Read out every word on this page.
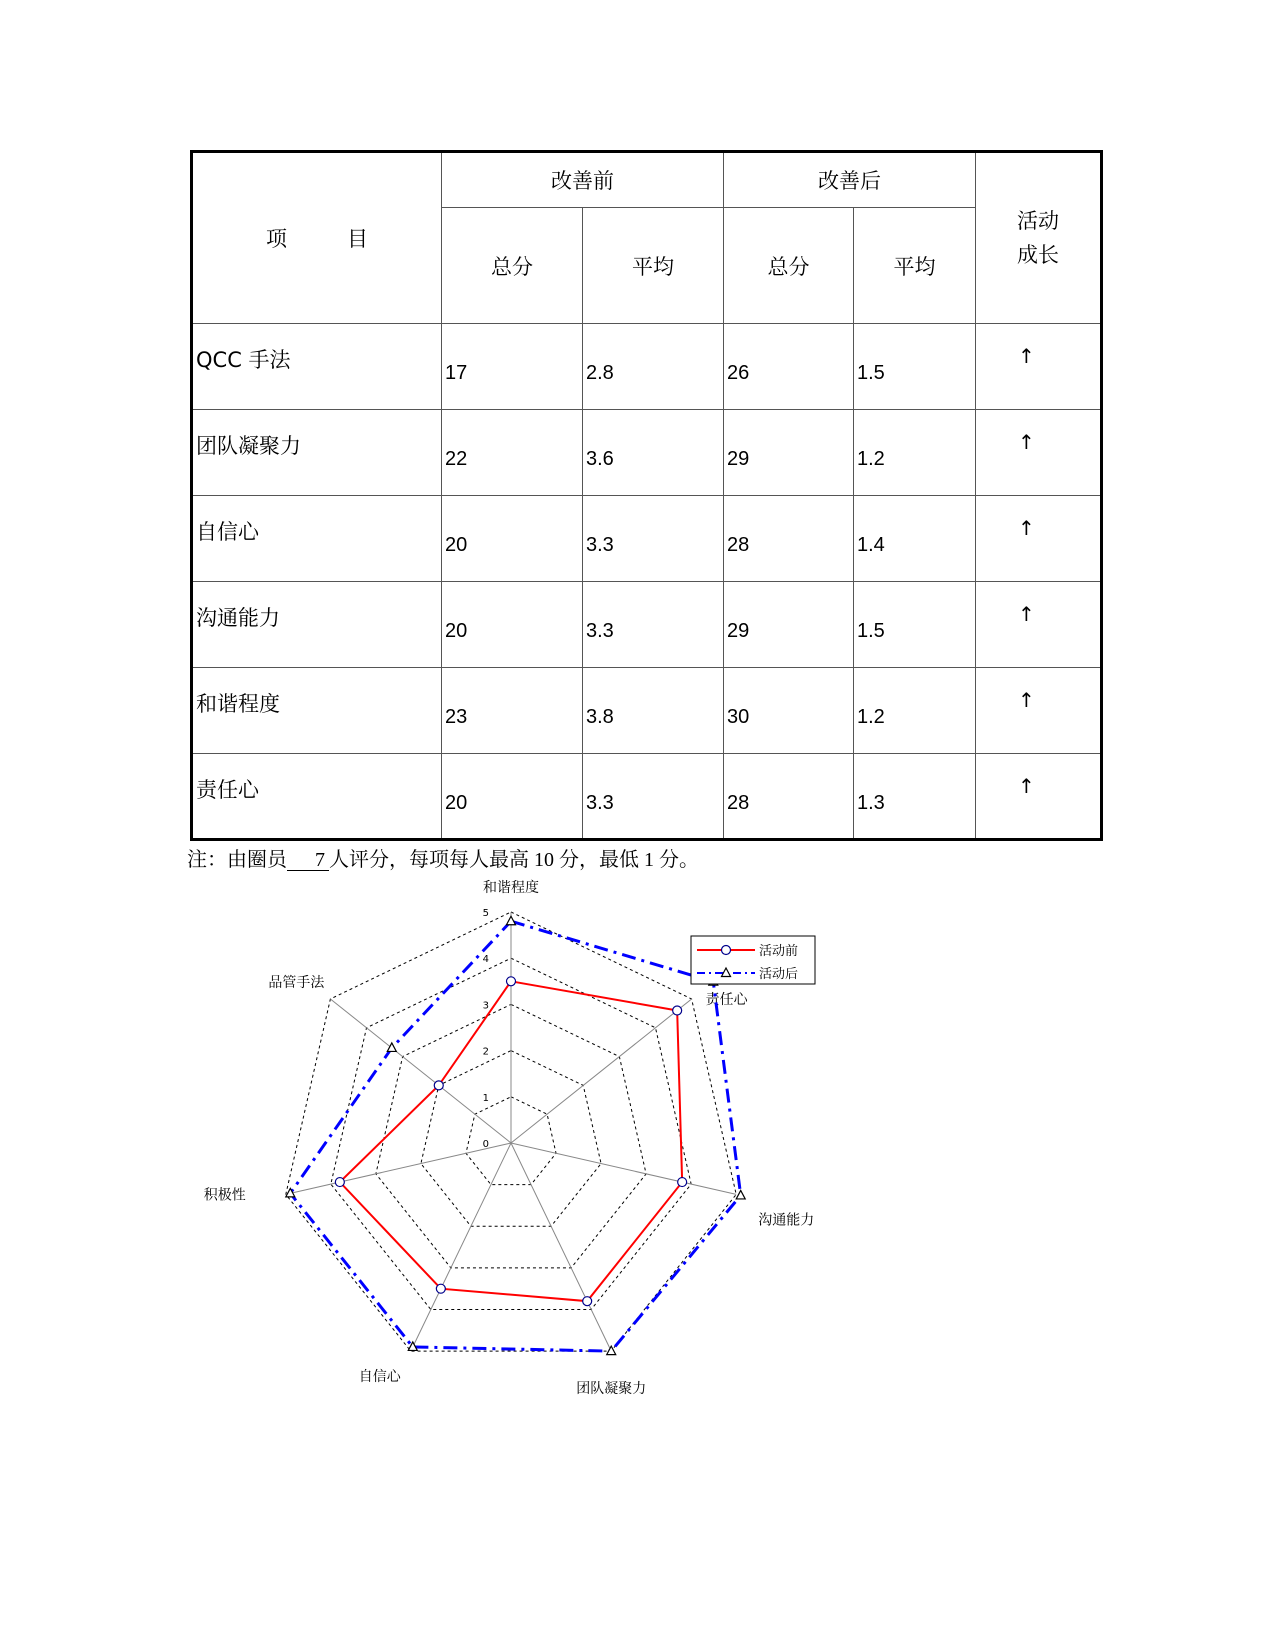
项 目	改善前		改善后		活动
成长

	总分	平均	总分	平均	
QCC 手法	17	2.8	26	1.5	↑
团队凝聚力	22	3.6	29	1.2	↑
自信心	20	3.3	28	1.4	↑
沟通能力	20	3.3	29	1.5	↑
和谐程度	23	3.8	30	1.2	↑
责任心	20	3.3	28	1.3	↑
注：由圈员 7 人评分，每项每人最高 10 分，最低 1 分。
0
1
2
3
4
5
和谐程度
责任心
沟通能力
团队凝聚力
自信心
积极性
品管手法
活动前
活动后
